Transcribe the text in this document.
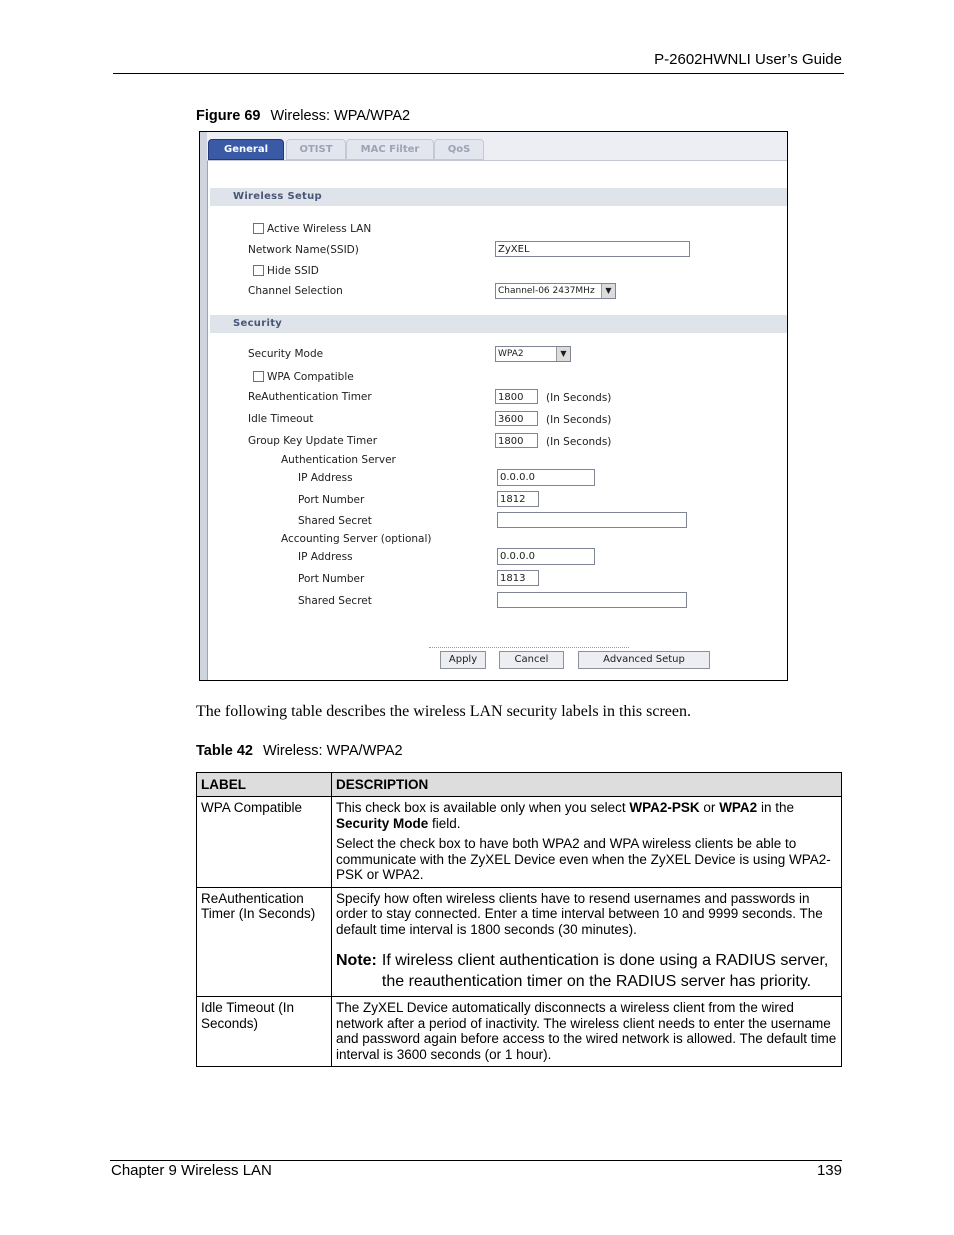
P-2602HWNLI User’s Guide
Figure 69 Wireless: WPA/WPA2
General	OTIST	MAC Filter	QoS
Wireless Setup
Active Wireless LAN
Network Name(SSID)	ZyXEL
Hide SSID
Channel Selection	Channel-06 2437MHz	▼
Security
Security Mode	WPA2	▼
WPA Compatible
ReAuthentication Timer	1800	(In Seconds)
Idle Timeout	3600	(In Seconds)
Group Key Update Timer	1800	(In Seconds)
Authentication Server
IP Address	0.0.0.0
Port Number	1812
Shared Secret
Accounting Server (optional)
IP Address	0.0.0.0
Port Number	1813
Shared Secret
Apply	Cancel	Advanced Setup
The following table describes the wireless LAN security labels in this screen.
Table 42 Wireless: WPA/WPA2
LABEL	DESCRIPTION
WPA Compatible	This check box is available only when you select WPA2-PSK or WPA2 in the Security Mode field.
Select the check box to have both WPA2 and WPA wireless clients be able to communicate with the ZyXEL Device even when the ZyXEL Device is using WPA2-PSK or WPA2.

ReAuthentication Timer (In Seconds)	Specify how often wireless clients have to resend usernames and passwords in order to stay connected. Enter a time interval between 10 and 9999 seconds. The default time interval is 1800 seconds (30 minutes).
Note: If wireless client authentication is done using a RADIUS server, the reauthentication timer on the RADIUS server has priority.

Idle Timeout (In Seconds)	The ZyXEL Device automatically disconnects a wireless client from the wired network after a period of inactivity. The wireless client needs to enter the username and password again before access to the wired network is allowed. The default time interval is 3600 seconds (or 1 hour).
Chapter 9 Wireless LAN	139
